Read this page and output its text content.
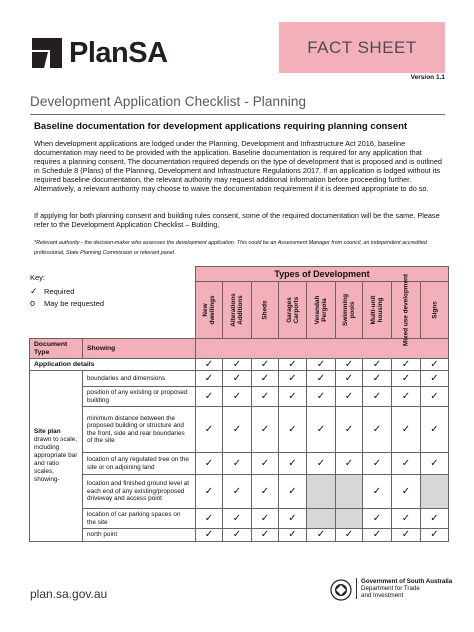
PlanSA	FACT SHEET
Version 1.1
Development Application Checklist - Planning
Baseline documentation for development applications requiring planning consent
When development applications are lodged under the Planning, Development and Infrastructure Act 2016, baseline documentation may need to be provided with the application. Baseline documentation is required for any application that requires a planning consent. The documentation required depends on the type of development that is proposed and is outlined in Schedule 8 (Plans) of the Planning, Development and Infrastructure Regulations 2017. If an application is lodged without its required baseline documentation, the relevant authority may request additional information before proceeding further. Alternatively, a relevant authority may choose to waive the documentation requirement if it is deemed appropriate to do so.
If applying for both planning consent and building rules consent, some of the required documentation will be the same. Please refer to the Development Application Checklist – Building.
*Relevant authority - the decision-maker who assesses the development application. This could be an Assessment Manager from council, an independent accredited professional, State Planning Commission or relevant panel.
Key:
✓ Required
o	May be requested
		Types of Development								

		New
dwellings	Alterations
Additions	Sheds	Garages
Carports	Verandah
Pergola	Swimming
pools	Multi-unit
housing	Mixed use development	Signs

Document Type	Showing									
Application details		✓	✓	✓	✓	✓	✓	✓	✓	✓

Site plan
drawn to scale, including appropriate bar and ratio scales, showing-	boundaries and dimensions	✓	✓	✓	✓	✓	✓	✓	✓	✓
	position of any existing or proposed building	✓	✓	✓	✓	✓	✓	✓	✓	✓
	minimum distance between the proposed building or structure and the front, side and rear boundaries of the site	✓	✓	✓	✓	✓	✓	✓	✓	✓
	location of any regulated tree on the site or on adjoining land	✓	✓	✓	✓	✓	✓	✓	✓	✓
	location and finished ground level at each end of any existing/proposed driveway and access point	✓	✓	✓	✓			✓	✓	
	location of car parking spaces on the site	✓	✓	✓	✓			✓	✓	✓
	north point	✓	✓	✓	✓	✓	✓	✓	✓	✓
plan.sa.gov.au
Government of South Australia
Department for Trade
and Investment
